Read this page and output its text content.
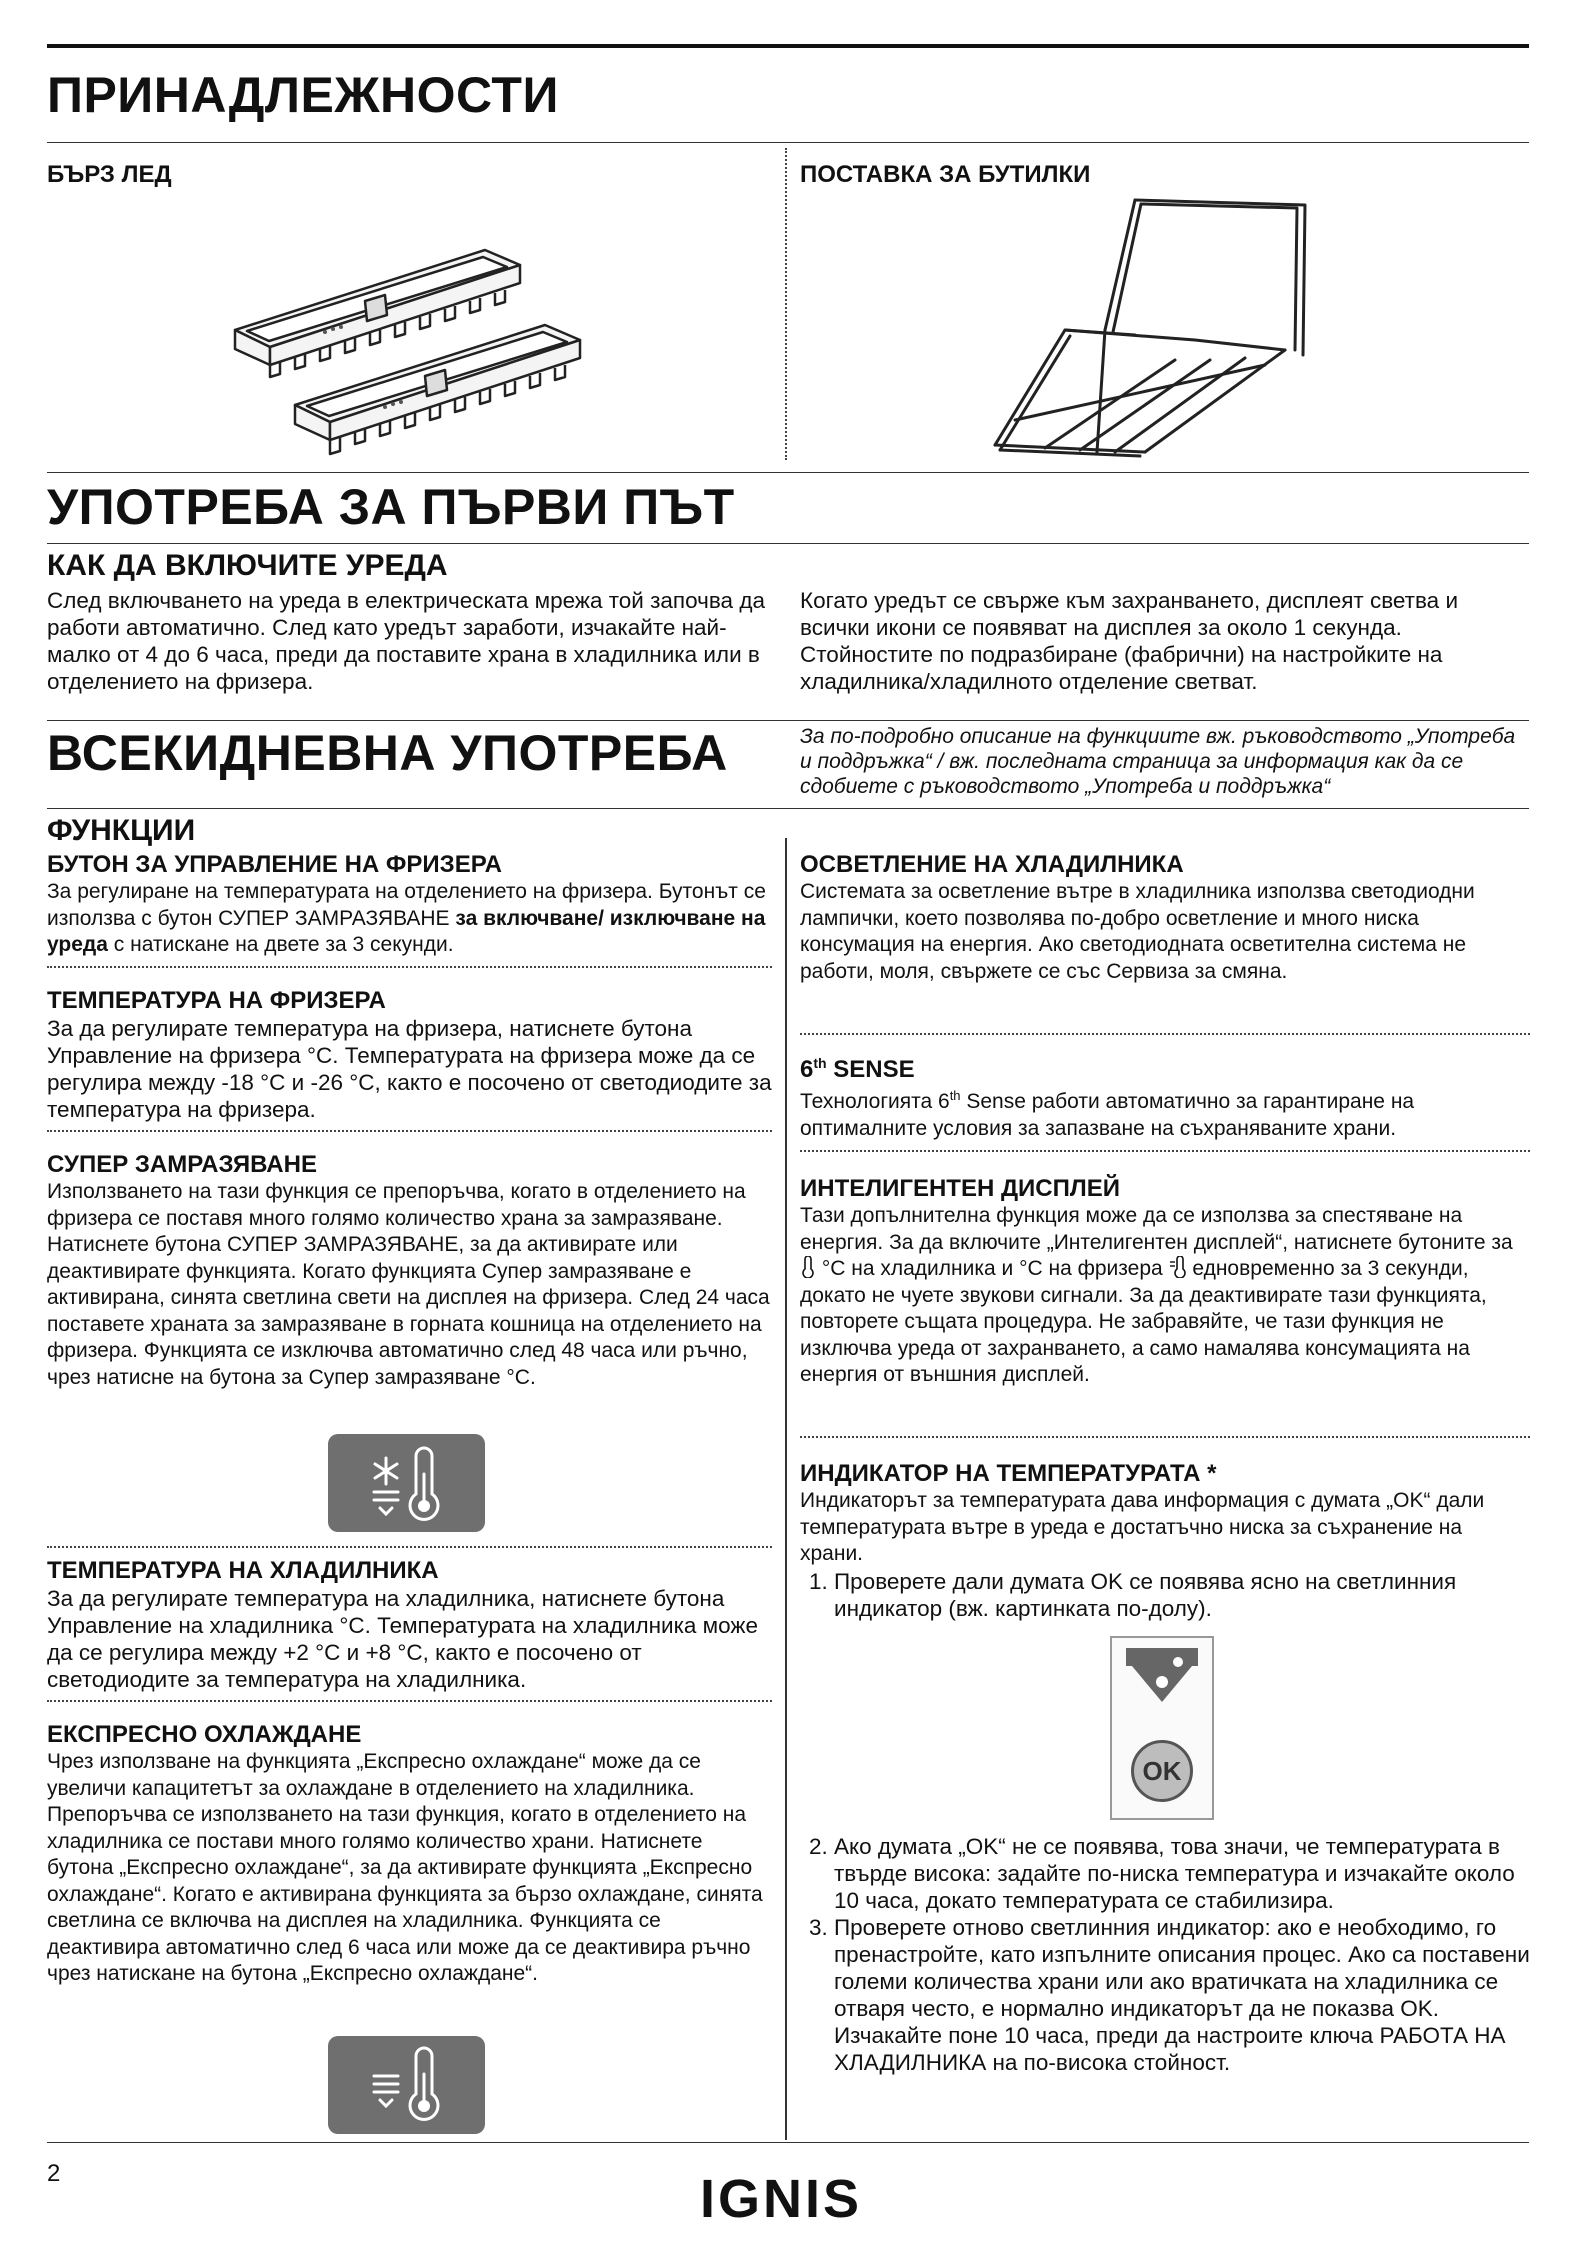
ПРИНАДЛЕЖНОСТИ
БЪРЗ ЛЕД	ПОСТАВКА ЗА БУТИЛКИ
УПОТРЕБА ЗА ПЪРВИ ПЪТ
КАК ДА ВКЛЮЧИТЕ УРЕДА

След включването на уреда в електрическата мрежа той започва да работи автоматично. След като уредът заработи, изчакайте най-малко от 4 до 6 часа, преди да поставите храна в хладилника или в отделението на фризера.

Когато уредът се свърже към захранването, дисплеят светва и всички икони се появяват на дисплея за около 1 секунда. Стойностите по подразбиране (фабрични) на настройките на хладилника/хладилното отделение светват.

ВСЕКИДНЕВНА УПОТРЕБА	За по-подробно описание на функциите вж. ръководството „Употреба и поддръжка“ / вж. последната страница за информация как да се сдобиете с ръководството „Употреба и поддръжка“

ФУНКЦИИ
БУТОН ЗА УПРАВЛЕНИЕ НА ФРИЗЕРА

За регулиране на температурата на отделението на фризера. Бутонът се използва с бутон СУПЕР ЗАМРАЗЯВАНЕ за включване/ изключване на уреда с натискане на двете за 3 секунди.

ТЕМПЕРАТУРА НА ФРИЗЕРА

За да регулирате температура на фризера, натиснете бутона Управление на фризера °C. Температурата на фризера може да се регулира между -18 °C и -26 °C, както е посочено от светодиодите за температура на фризера.

СУПЕР ЗАМРАЗЯВАНЕ

Използването на тази функция се препоръчва, когато в отделението на фризера се поставя много голямо количество храна за замразяване. Натиснете бутона СУПЕР ЗАМРАЗЯВАНЕ, за да активирате или деактивирате функцията. Когато функцията Супер замразяване е активирана, синята светлина свети на дисплея на фризера. След 24 часа поставете храната за замразяване в горната кошница на отделението на фризера. Функцията се изключва автоматично след 48 часа или ръчно, чрез натисне на бутона за Супер замразяване °C.

ТЕМПЕРАТУРА НА ХЛАДИЛНИКА

За да регулирате температура на хладилника, натиснете бутона Управление на хладилника °C. Температурата на хладилника може да се регулира между +2 °C и +8 °C, както е посочено от светодиодите за температура на хладилника.

ЕКСПРЕСНО ОХЛАЖДАНЕ

Чрез използване на функцията „Експресно охлаждане“ може да се увеличи капацитетът за охлаждане в отделението на хладилника. Препоръчва се използването на тази функция, когато в отделението на хладилника се постави много голямо количество храни. Натиснете бутона „Експресно охлаждане“, за да активирате функцията „Експресно охлаждане“. Когато е активирана функцията за бързо охлаждане, синята светлина се включва на дисплея на хладилника. Функцията се деактивира автоматично след 6 часа или може да се деактивира ръчно чрез натискане на бутона „Експресно охлаждане“.

ОСВЕТЛЕНИЕ НА ХЛАДИЛНИКА

Системата за осветление вътре в хладилника използва светодиодни лампички, което позволява по-добро осветление и много ниска консумация на енергия. Ако светодиодната осветителна система не работи, моля, свържете се със Сервиза за смяна.

6th SENSE

Технологията 6th Sense работи автоматично за гарантиране на оптималните условия за запазване на съхраняваните храни.

ИНТЕЛИГЕНТЕН ДИСПЛЕЙ

Тази допълнителна функция може да се използва за спестяване на енергия. За да включите „Интелигентен дисплей“, натиснете бутоните за  °C на хладилника и °C на фризера  едновременно за 3 секунди, докато не чуете звукови сигнали. За да деактивирате тази функцията, повторете същата процедура. Не забравяйте, че тази функция не изключва уреда от захранването, а само намалява консумацията на енергия от външния дисплей.

ИНДИКАТОР НА ТЕМПЕРАТУРАТА *

Индикаторът за температурата дава информация с думата „OK“ дали температурата вътре в уреда е достатъчно ниска за съхранение на храни.

1. Проверете дали думата OK се появява ясно на светлинния индикатор (вж. картинката по-долу).
OK
2. Ако думата „OK“ не се появява, това значи, че температурата в твърде висока: задайте по-ниска температура и изчакайте около 10 часа, докато температурата се стабилизира.
3. Проверете отново светлинния индикатор: ако е необходимо, го пренастройте, като изпълните описания процес. Ако са поставени големи количества храни или ако вратичката на хладилника се отваря често, е нормално индикаторът да не показва OK. Изчакайте поне 10 часа, преди да настроите ключа РАБОТА НА ХЛАДИЛНИКА на по-висока стойност.
2	IGNIS
